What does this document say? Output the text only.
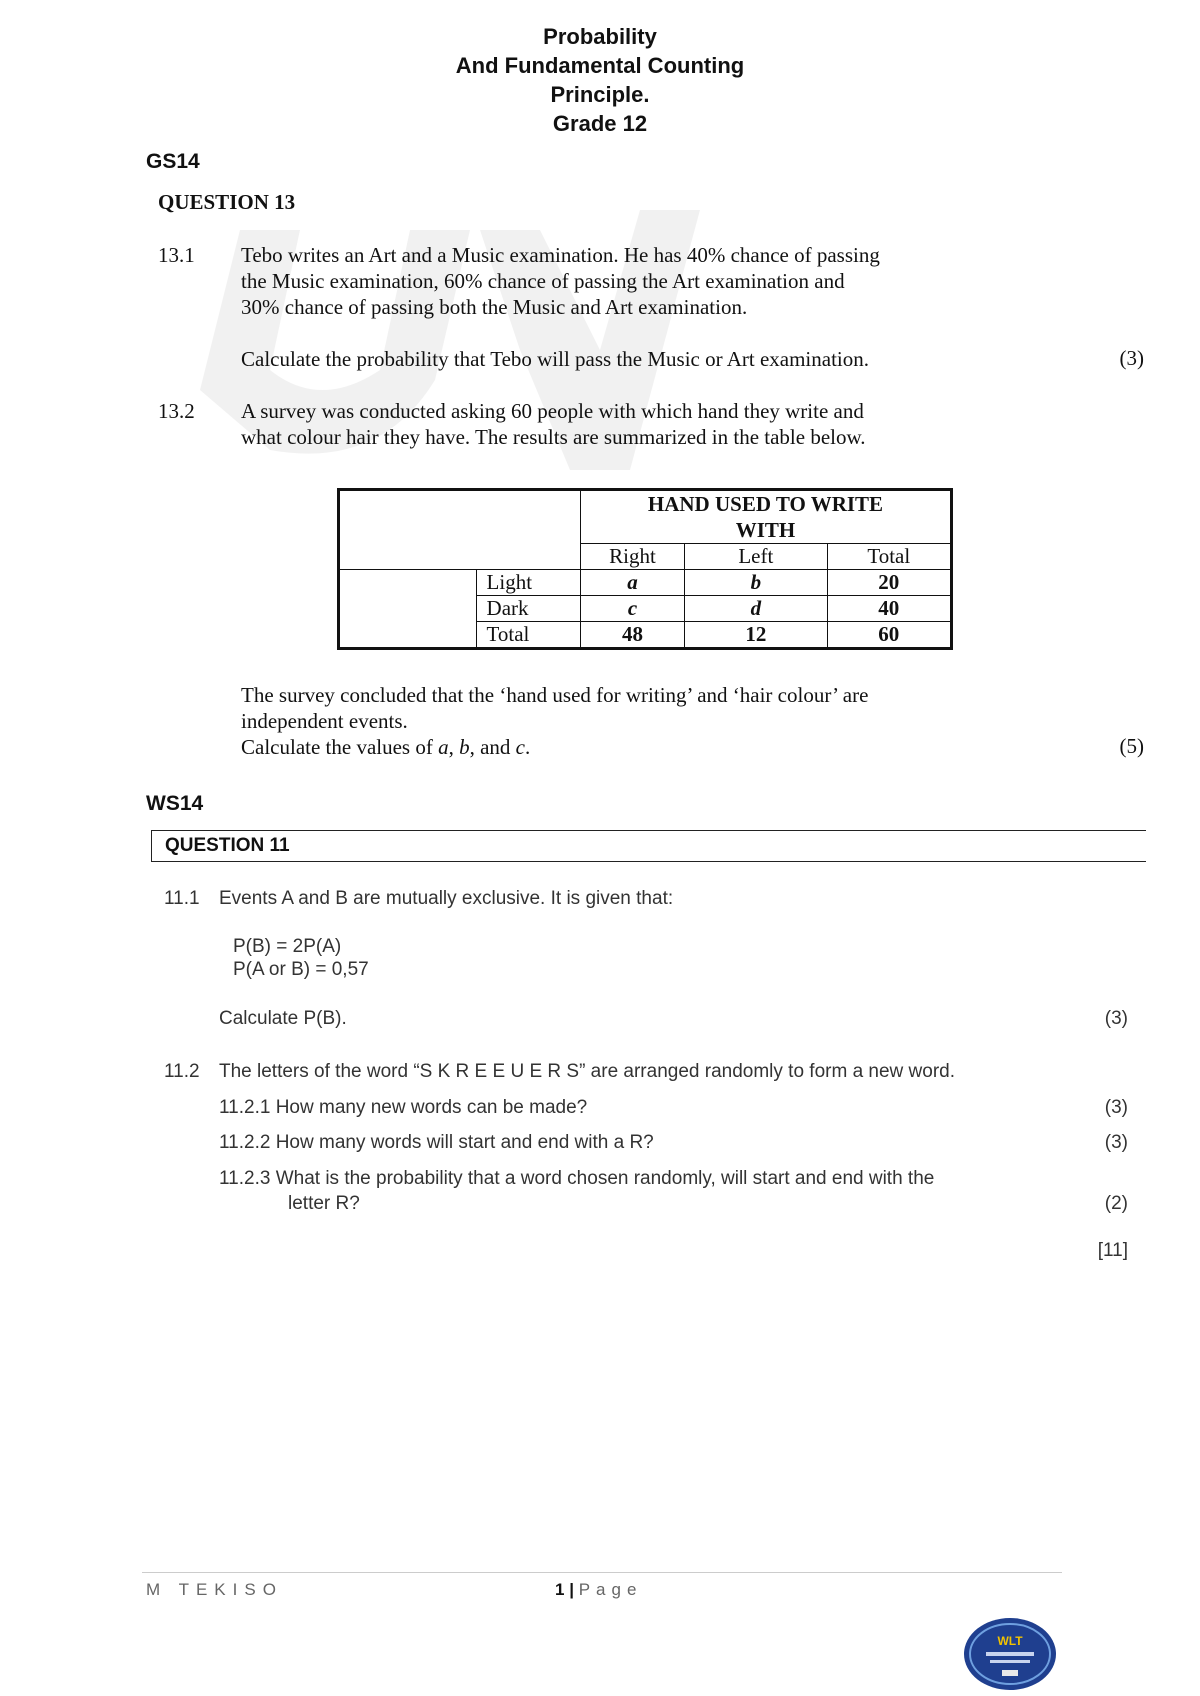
Probability
And Fundamental Counting
Principle.
Grade 12
GS14
QUESTION 13
13.1 Tebo writes an Art and a Music examination. He has 40% chance of passing
the Music examination, 60% chance of passing the Art examination and
30% chance of passing both the Music and Art examination.
Calculate the probability that Tebo will pass the Music or Art examination.	(3)
13.2 A survey was conducted asking 60 people with which hand they write and
what colour hair they have. The results are summarized in the table below.

		HAND USED TO WRITE
WITH		

		Right	Left	Total
	Light	a	b	20
	Dark	c	d	40
	Total	48	12	60
The survey concluded that the ‘hand used for writing’ and ‘hair colour’ are
independent events.
Calculate the values of a, b, and c.	(5)
WS14
QUESTION 11
11.1 Events A and B are mutually exclusive. It is given that:
P(B) = 2P(A)
P(A or B) = 0,57
Calculate P(B).	(3)
11.2 The letters of the word “S K R E E U E R S” are arranged randomly to form a new word.
11.2.1 How many new words can be made?	(3)
11.2.2 How many words will start and end with a R?	(3)
11.2.3 What is the probability that a word chosen randomly, will start and end with the
letter R?	(2)
[11]
M TEKISO	1 | Page
WLT
